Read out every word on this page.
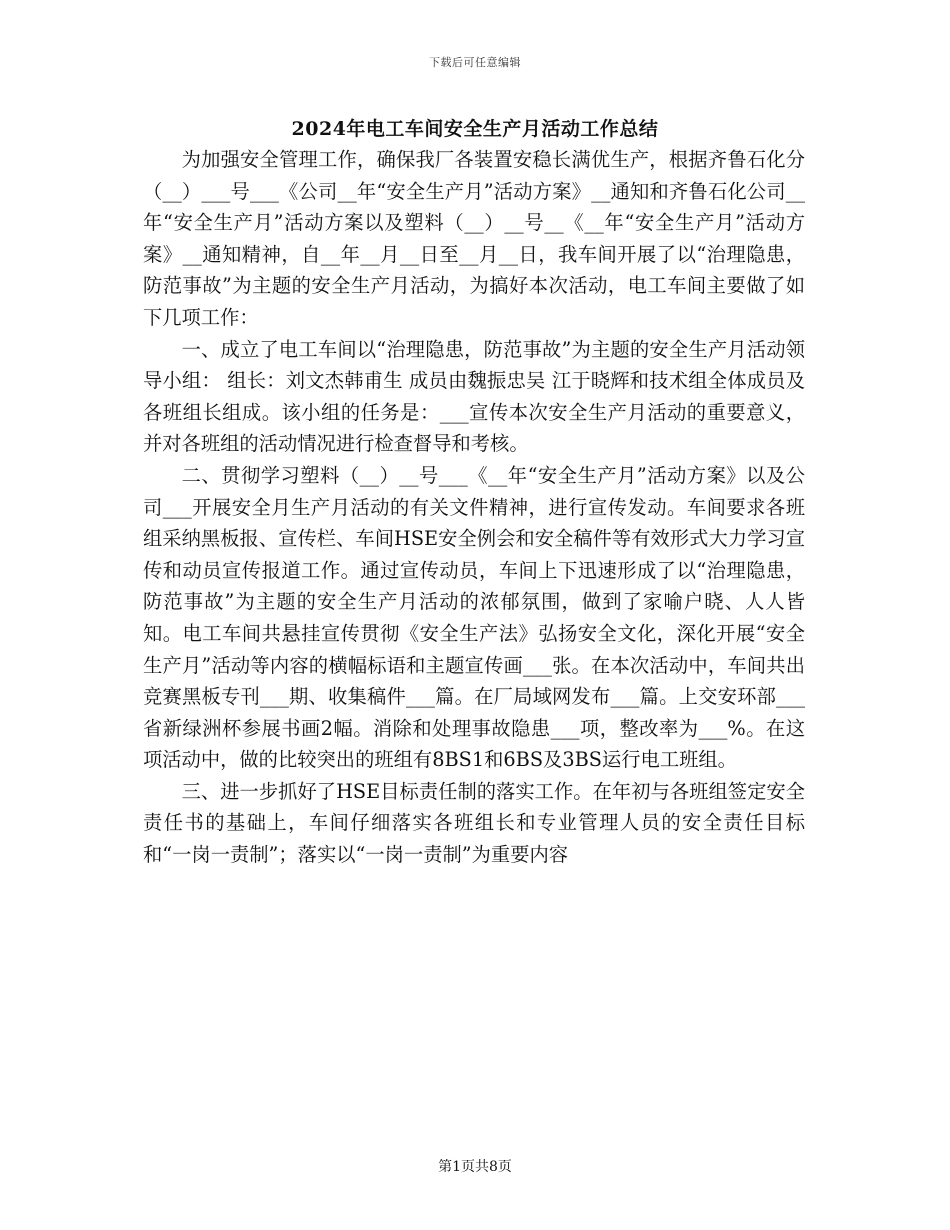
下载后可任意编辑
2024年电工车间安全生产月活动工作总结

为加强安全管理工作，确保我厂各装置安稳长满优生产，根据齐鲁石化分（__）___号___《公司__年“安全生产月”活动方案》__通知和齐鲁石化公司__年“安全生产月”活动方案以及塑料（__）__号__《__年“安全生产月”活动方案》__通知精神，自__年__月__日至__月__日，我车间开展了以“治理隐患，防范事故”为主题的安全生产月活动，为搞好本次活动，电工车间主要做了如下几项工作：

一、成立了电工车间以“治理隐患，防范事故”为主题的安全生产月活动领导小组： 组长：刘文杰韩甫生 成员由魏振忠吴 江于晓辉和技术组全体成员及各班组长组成。该小组的任务是：___宣传本次安全生产月活动的重要意义，并对各班组的活动情况进行检查督导和考核。

二、贯彻学习塑料（__）__号___《__年“安全生产月”活动方案》以及公司___开展安全月生产月活动的有关文件精神，进行宣传发动。车间要求各班组采纳黑板报、宣传栏、车间HSE安全例会和安全稿件等有效形式大力学习宣传和动员宣传报道工作。通过宣传动员，车间上下迅速形成了以“治理隐患，防范事故”为主题的安全生产月活动的浓郁氛围，做到了家喻户晓、人人皆知。电工车间共悬挂宣传贯彻《安全生产法》弘扬安全文化，深化开展“安全生产月”活动等内容的横幅标语和主题宣传画___张。在本次活动中，车间共出竞赛黑板专刊___期、收集稿件___篇。在厂局域网发布___篇。上交安环部___省新绿洲杯参展书画2幅。消除和处理事故隐患___项，整改率为___%。在这项活动中，做的比较突出的班组有8BS1和6BS及3BS运行电工班组。

三、进一步抓好了HSE目标责任制的落实工作。在年初与各班组签定安全责任书的基础上，车间仔细落实各班组长和专业管理人员的安全责任目标和“一岗一责制”；落实以“一岗一责制”为重要内容

第1页共8页
